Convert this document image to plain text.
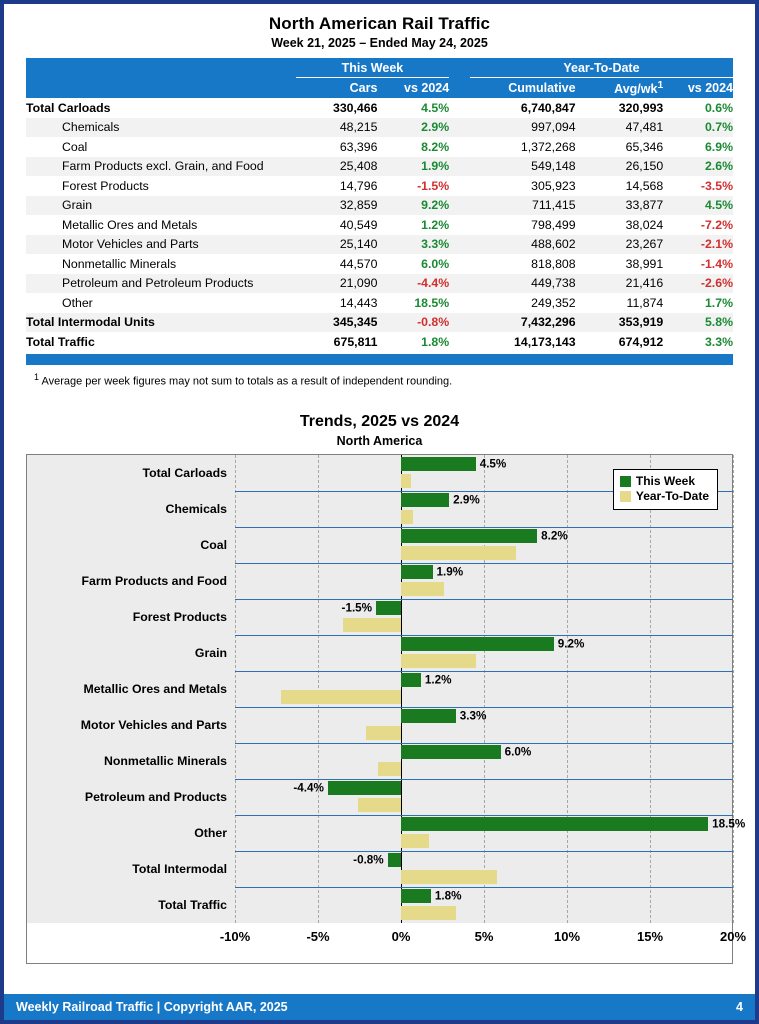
North American Rail Traffic
Week 21, 2025 – Ended May 24, 2025
	This Week			Year-To-Date		
	Cars	vs 2024		Cumulative	Avg/$wk^1$	vs 2024
Total Carloads	330,466	4.5%		6,740,847	320,993	0.6%
Chemicals	48,215	2.9%		997,094	47,481	0.7%
Coal	63,396	8.2%		1,372,268	65,346	6.9%
Farm Products excl. Grain, and Food	25,408	1.9%		549,148	26,150	2.6%
Forest Products	14,796	-1.5%		305,923	14,568	-3.5%
Grain	32,859	9.2%		711,415	33,877	4.5%
Metallic Ores and Metals	40,549	1.2%		798,499	38,024	-7.2%
Motor Vehicles and Parts	25,140	3.3%		488,602	23,267	-2.1%
Nonmetallic Minerals	44,570	6.0%		818,808	38,991	-1.4%
Petroleum and Petroleum Products	21,090	-4.4%		449,738	21,416	-2.6%
Other	14,443	18.5%		249,352	11,874	1.7%
Total Intermodal Units	345,345	-0.8%		7,432,296	353,919	5.8%
Total Traffic	675,811	1.8%		14,173,143	674,912	3.3%
$^1$ Average per week figures may not sum to totals as a result of independent rounding.
Trends, 2025 vs 2024
North America
Total Carloads
Chemicals
Coal
Farm Products and Food
Forest Products
Grain
Metallic Ores and Metals
Motor Vehicles and Parts
Nonmetallic Minerals
Petroleum and Products
Other
Total Intermodal
Total Traffic
4.5%
2.9%
8.2%
1.9%
-1.5%
9.2%
1.2%
3.3%
6.0%
-4.4%
18.5%
-0.8%
1.8%
-10%	-5%	0%	5%	10%	15%	20%
This Week
Year-To-Date
Weekly Railroad Traffic | Copyright AAR, 2025	4
